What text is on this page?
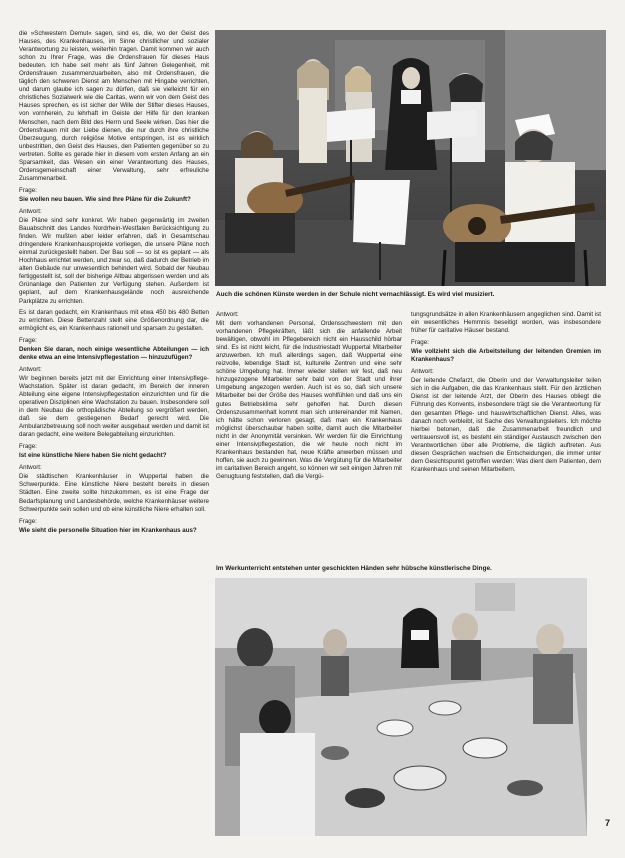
die »Schwestern Demut« sagen, sind es, die, wo der Geist des Hauses, des Krankenhauses, im Sinne christlicher und sozialer Verantwortung zu leisten, weiterhin tragen. Damit kommen wir auch schon zu Ihrer Frage, was die Ordensfrauen für dieses Haus bedeuten. Ich habe seit mehr als fünf Jahren Gelegenheit, mit Ordensfrauen zusammenzuarbeiten, also mit Ordensfrauen, die täglich den schweren Dienst am Menschen mit Hingabe verrichten, und darum glaube ich sagen zu dürfen, daß sie vielleicht für ein christliches Sozialwerk wie die Caritas, wenn wir von dem Geist des Hauses sprechen, es ist sicher der Wille der Stifter dieses Hauses, von vornherein, zu lehrhaft im Geiste der Hilfe für den kranken Menschen, nach dem Bild des Herrn und Seele wirken. Das hier die Ordensfrauen mit der Liebe dienen, die nur durch ihre christliche Überzeugung, durch religiöse Motive entspringen, ist es wirklich unbestritten, den Geist des Hauses, den Patienten gegenüber so zu vertreten. Sollte es gerade hier in diesem vom ersten Anfang an ein Sparsamkeit, das Wesen ein einer Verantwortung des Hauses, Ordensgemeinschaft einer Verwaltung, sehr erfreuliche Zusammenarbeit.

Frage:

Sie wollen neu bauen. Wie sind Ihre Pläne für die Zukunft?

Antwort:

Die Pläne sind sehr konkret. Wir haben gegenwärtig im zweiten Bauabschnitt des Landes Nordrhein-Westfalen Berücksichtigung zu finden. Wir mußten aber leider erfahren, daß in Gesamtschau dringendere Krankenhausprojekte vorliegen, die unsere Pläne noch einmal zurückgestellt haben. Der Bau soll — so ist es geplant — als Hochhaus errichtet werden, und zwar so, daß dadurch der Betrieb im alten Gebäude nur unwesentlich behindert wird. Sobald der Neubau fertiggestellt ist, soll der bisherige Altbau abgerissen werden und als Grünanlage den Patienten zur Verfügung stehen. Außerdem ist geplant, auf dem Krankenhausgelände noch ausreichende Parkplätze zu errichten.

Es ist daran gedacht, ein Krankenhaus mit etwa 450 bis 480 Betten zu errichten. Diese Bettenzahl stellt eine Größenordnung dar, die ermöglicht es, ein Krankenhaus rationell und sparsam zu gestalten.

Frage:

Denken Sie daran, noch einige wesentliche Abteilungen — ich denke etwa an eine Intensivpflegestation — hinzuzufügen?

Antwort:

Wir beginnen bereits jetzt mit der Einrichtung einer Intensivpflege-Wachstation. Später ist daran gedacht, im Bereich der inneren Abteilung eine eigene Intensivpflegestation einzurichten und für die operativen Disziplinen eine Wachstation zu bauen. Insbesondere soll in dem Neubau die orthopädische Abteilung so vergrößert werden, daß sie dem gestiegenen Bedarf gerecht wird. Die Ambulanzbetreuung soll noch weiter ausgebaut werden und damit ist daran gedacht, eine weitere Belegabteilung einzurichten.

Frage:

Ist eine künstliche Niere haben Sie nicht gedacht?

Antwort:

Die städtischen Krankenhäuser in Wuppertal haben die Schwerpunkte. Eine künstliche Niere besteht bereits in diesen Städten. Eine zweite sollte hinzukommen, es ist eine Frage der Bedarfsplanung und Landesbehörde, welche Krankenhäuser weitere Schwerpunkte sein sollen und ob eine künstliche Niere erhalten soll.

Frage:

Wie sieht die personelle Situation hier im Krankenhaus aus?

Auch die schönen Künste werden in der Schule nicht vernachlässigt. Es wird viel musiziert.

Antwort:

Mit dem vorhandenen Personal, Ordensschwestern mit den vorhandenen Pflegekräften, läßt sich die anfallende Arbeit bewältigen, obwohl im Pflegebereich nicht ein Hausschild hörbar sind. Es ist nicht leicht, für die Industriestadt Wuppertal Mitarbeiter anzuwerben. Ich muß allerdings sagen, daß Wuppertal eine reizvolle, lebendige Stadt ist, kulturelle Zentren und eine sehr schöne Umgebung hat. Immer wieder stellen wir fest, daß neu hinzugezogene Mitarbeiter sehr bald von der Stadt und ihrer Umgebung angezogen werden. Auch ist es so, daß sich unsere Mitarbeiter bei der Größe des Hauses wohlfühlen und daß uns ein gutes Betriebsklima sehr geholfen hat. Durch diesen Ordenszusammenhalt kommt man sich untereinander mit Namen, ich hätte schon verloren gesagt, daß man ein Krankenhaus möglichst überschaubar haben sollte, damit auch die Mitarbeiter nicht in der Anonymität versinken. Wir werden für die Einrichtung einer Intensivpflegestation, die wir heute noch nicht im Krankenhaus bestanden hat, neue Kräfte anwerben müssen und hoffen, sie auch zu gewinnen. Was die Vergütung für die Mitarbeiter im caritativen Bereich angeht, so können wir seit einigen Jahren mit Genugtuung feststellen, daß die Vergü-

tungsgrundsätze in allen Krankenhäusern angeglichen sind. Damit ist ein wesentliches Hemmnis beseitigt worden, was insbesondere früher für caritative Häuser bestand.

Frage:

Wie vollzieht sich die Arbeitsteilung der leitenden Gremien im Krankenhaus?

Antwort:

Der leitende Chefarzt, die Oberin und der Verwaltungsleiter teilen sich in die Aufgaben, die das Krankenhaus stellt. Für den ärztlichen Dienst ist der leitende Arzt, der Oberin des Hauses obliegt die Führung des Konvents, insbesondere trägt sie die Verantwortung für den gesamten Pflege- und hauswirtschaftlichen Dienst. Alles, was danach noch verbleibt, ist Sache des Verwaltungsleiters. Ich möchte hierbei betonen, daß die Zusammenarbeit freundlich und vertrauensvoll ist, es besteht ein ständiger Austausch zwischen den Verantwortlichen über alle Probleme, die täglich auftreten. Aus diesen Gesprächen wachsen die Entscheidungen, die immer unter dem Gesichtspunkt getroffen werden: Was dient dem Patienten, dem Krankenhaus und seinen Mitarbeitern.

Im Werkunterricht entstehen unter geschickten Händen sehr hübsche künstlerische Dinge.
7
